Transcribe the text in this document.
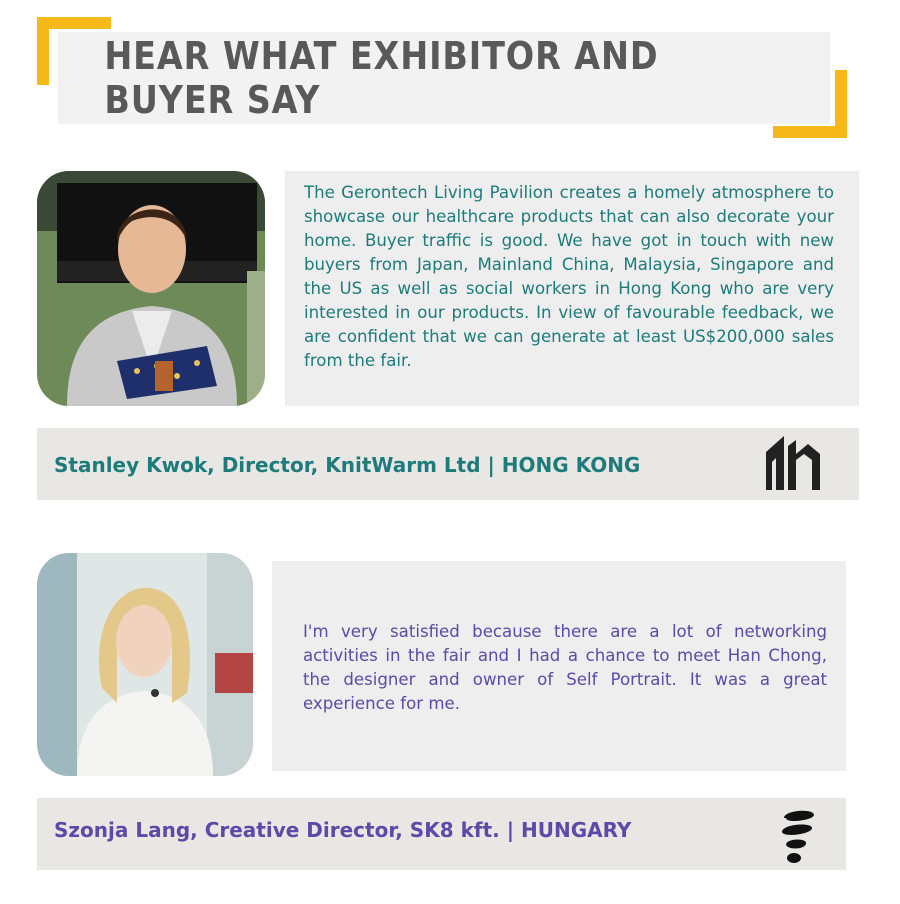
HEAR WHAT EXHIBITOR AND BUYER SAY
The Gerontech Living Pavilion creates a homely atmosphere to showcase our healthcare products that can also decorate your home. Buyer traffic is good. We have got in touch with new buyers from Japan, Mainland China, Malaysia, Singapore and the US as well as social workers in Hong Kong who are very interested in our products. In view of favourable feedback, we are confident that we can generate at least US$200,000 sales from the fair.
Stanley Kwok, Director, KnitWarm Ltd | HONG KONG
I'm very satisfied because there are a lot of networking activities in the fair and I had a chance to meet Han Chong, the designer and owner of Self Portrait. It was a great experience for me.
Szonja Lang, Creative Director, SK8 kft. | HUNGARY
